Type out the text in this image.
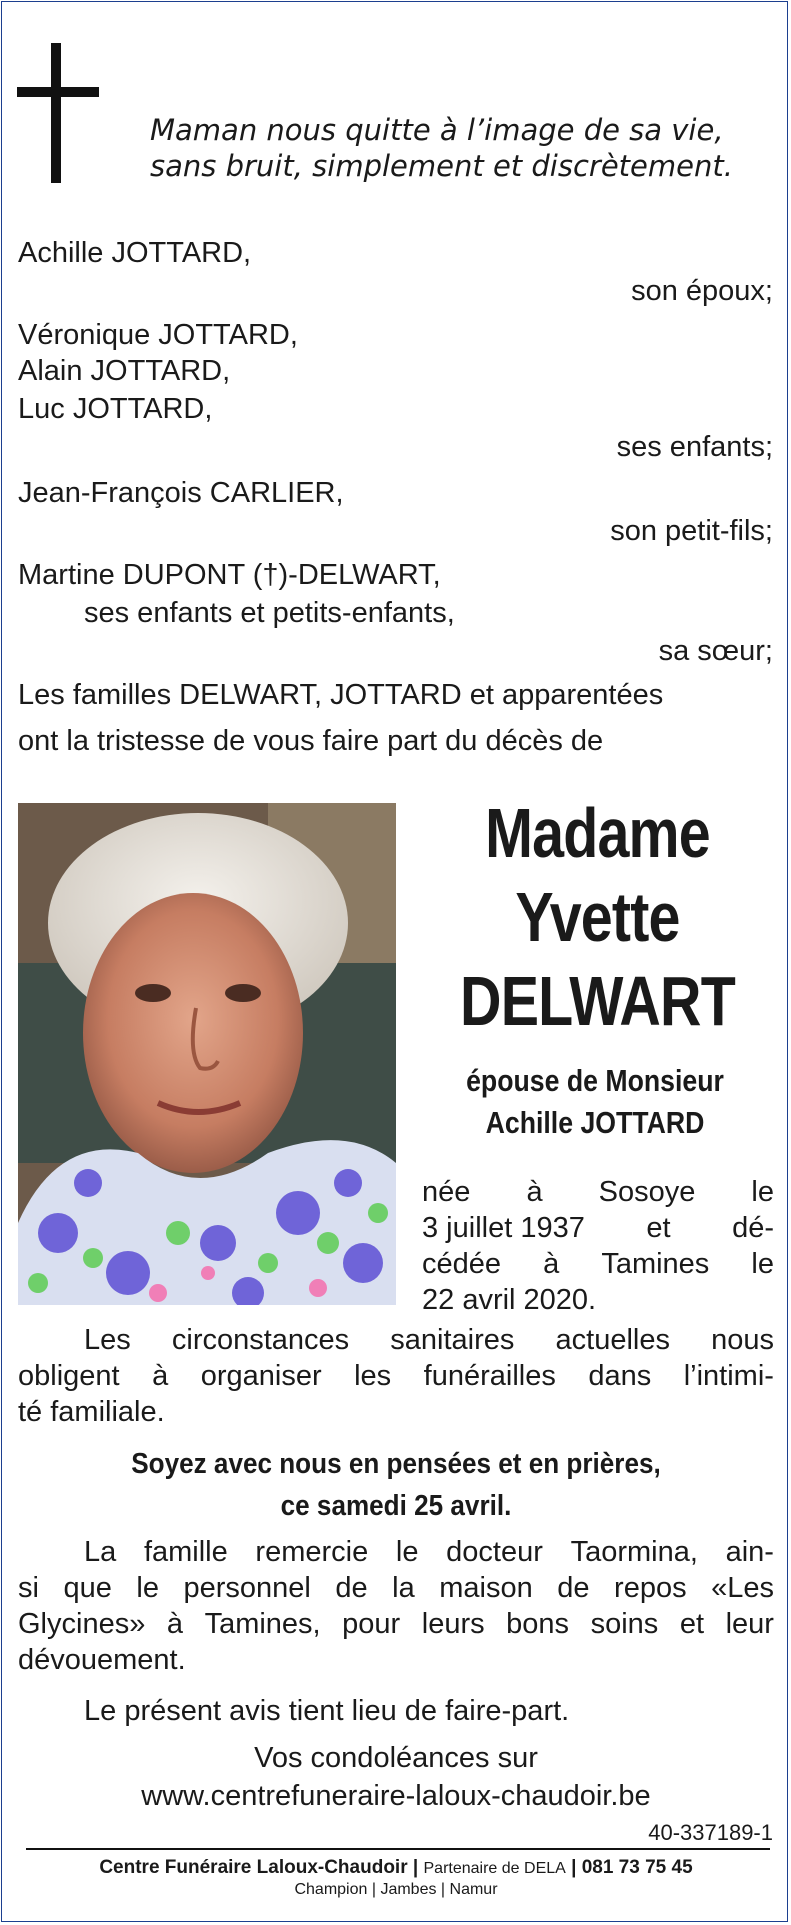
Maman nous quitte à l’image de sa vie,
sans bruit, simplement et discrètement.
Achille JOTTARD,
son époux;
Véronique JOTTARD,
Alain JOTTARD,
Luc JOTTARD,
ses enfants;
Jean-François CARLIER,
son petit-fils;
Martine DUPONT (†)-DELWART,
ses enfants et petits-enfants,
sa sœur;
Les familles DELWART, JOTTARD et apparentées
ont la tristesse de vous faire part du décès de
Madame
Yvette
DELWART
épouse de Monsieur
Achille JOTTARD
née à Sosoye le
3 juillet 1937 et dé-
cédée à Tamines le
22 avril 2020.
Les circonstances sanitaires actuelles nous
obligent à organiser les funérailles dans l’intimi-
té familiale.
Soyez avec nous en pensées et en prières,
ce samedi 25 avril.
La famille remercie le docteur Taormina, ain-
si que le personnel de la maison de repos «Les
Glycines» à Tamines, pour leurs bons soins et leur
dévouement.
Le présent avis tient lieu de faire-part.
Vos condoléances sur
www.centrefuneraire-laloux-chaudoir.be
40-337189-1
Centre Funéraire Laloux-Chaudoir | Partenaire de DELA | 081 73 75 45
Champion | Jambes | Namur
